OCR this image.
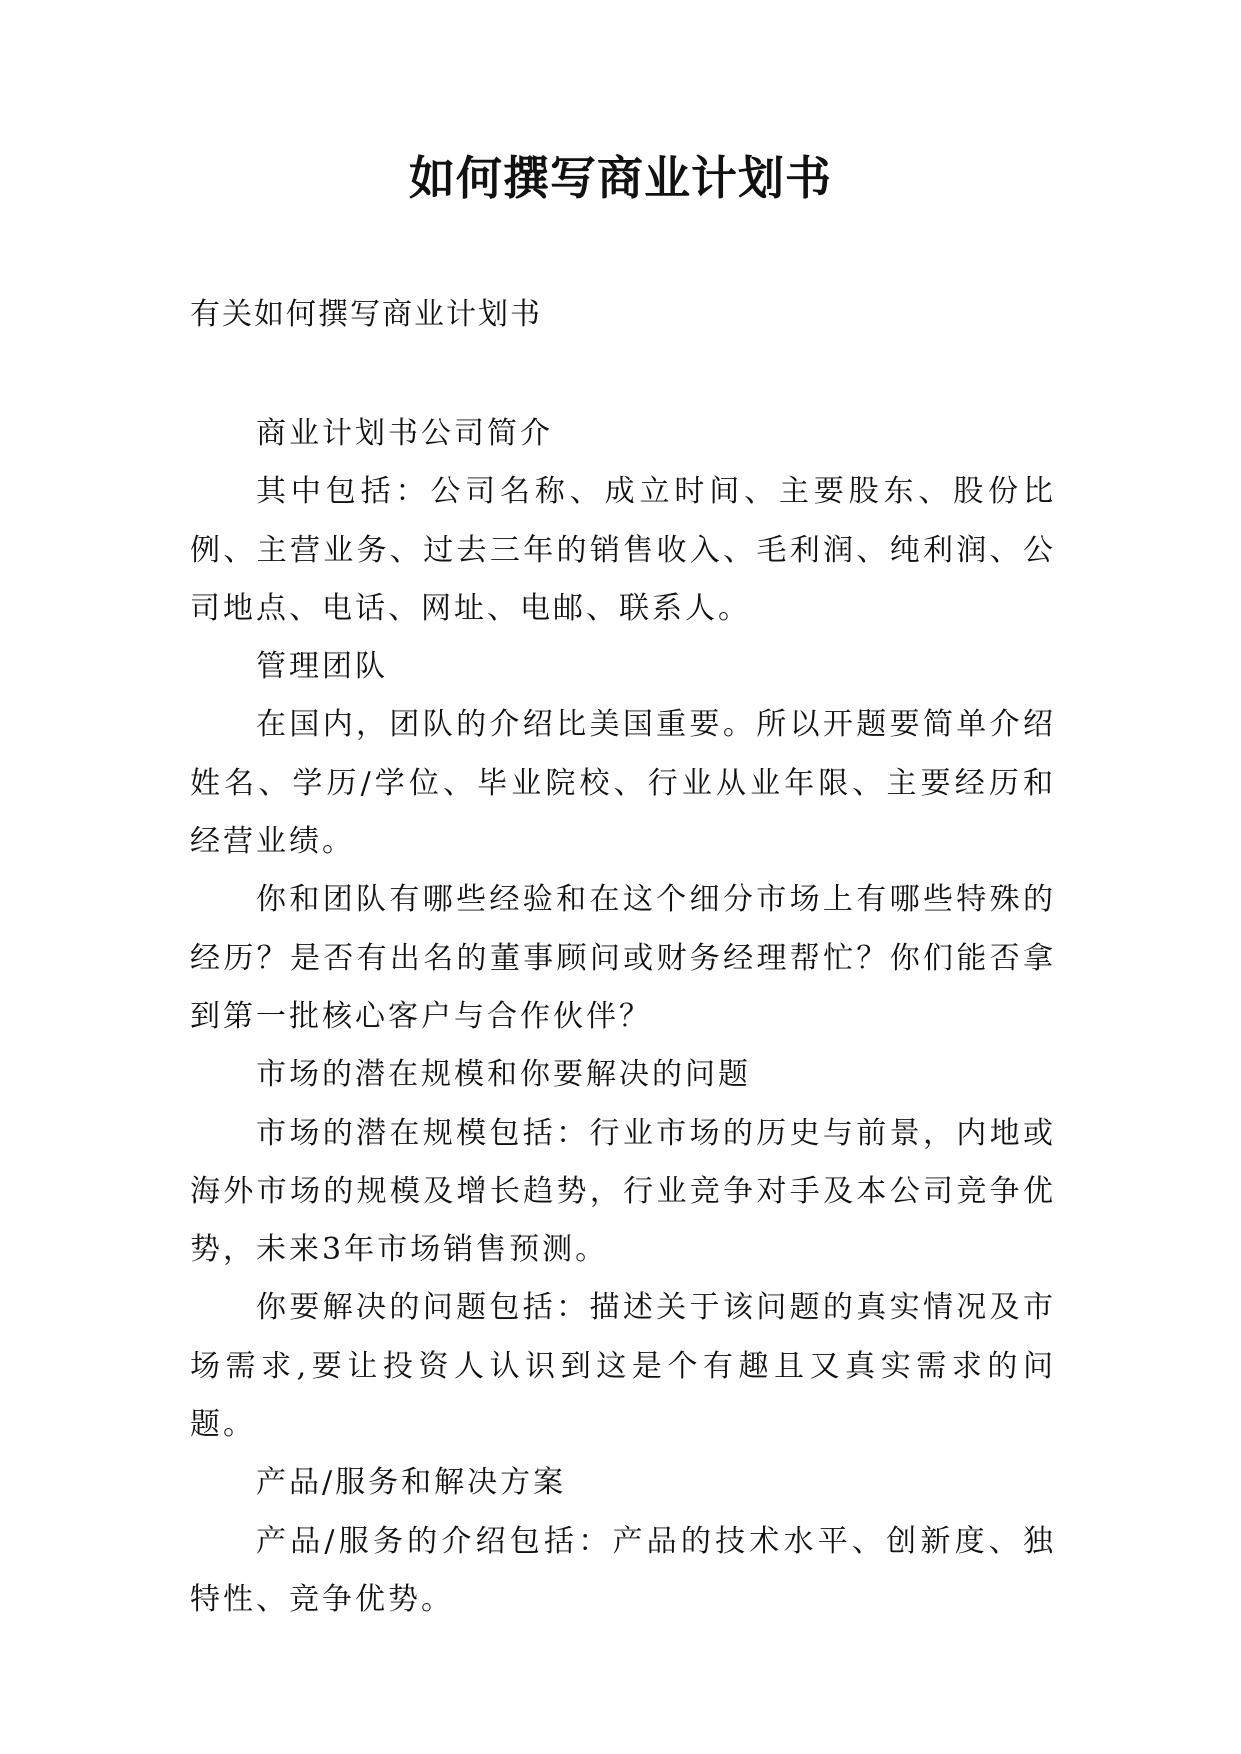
如何撰写商业计划书
有关如何撰写商业计划书

商业计划书公司简介

其中包括：公司名称、成立时间、主要股东、股份比例、主营业务、过去三年的销售收入、毛利润、纯利润、公司地点、电话、网址、电邮、联系人。

管理团队

在国内，团队的介绍比美国重要。所以开题要简单介绍姓名、学历/学位、毕业院校、行业从业年限、主要经历和经营业绩。

你和团队有哪些经验和在这个细分市场上有哪些特殊的经历？是否有出名的董事顾问或财务经理帮忙？你们能否拿到第一批核心客户与合作伙伴？

市场的潜在规模和你要解决的问题

市场的潜在规模包括：行业市场的历史与前景，内地或海外市场的规模及增长趋势，行业竞争对手及本公司竞争优势，未来3年市场销售预测。

你要解决的问题包括：描述关于该问题的真实情况及市场需求,要让投资人认识到这是个有趣且又真实需求的问题。

产品/服务和解决方案

产品/服务的介绍包括：产品的技术水平、创新度、独特性、竞争优势。
